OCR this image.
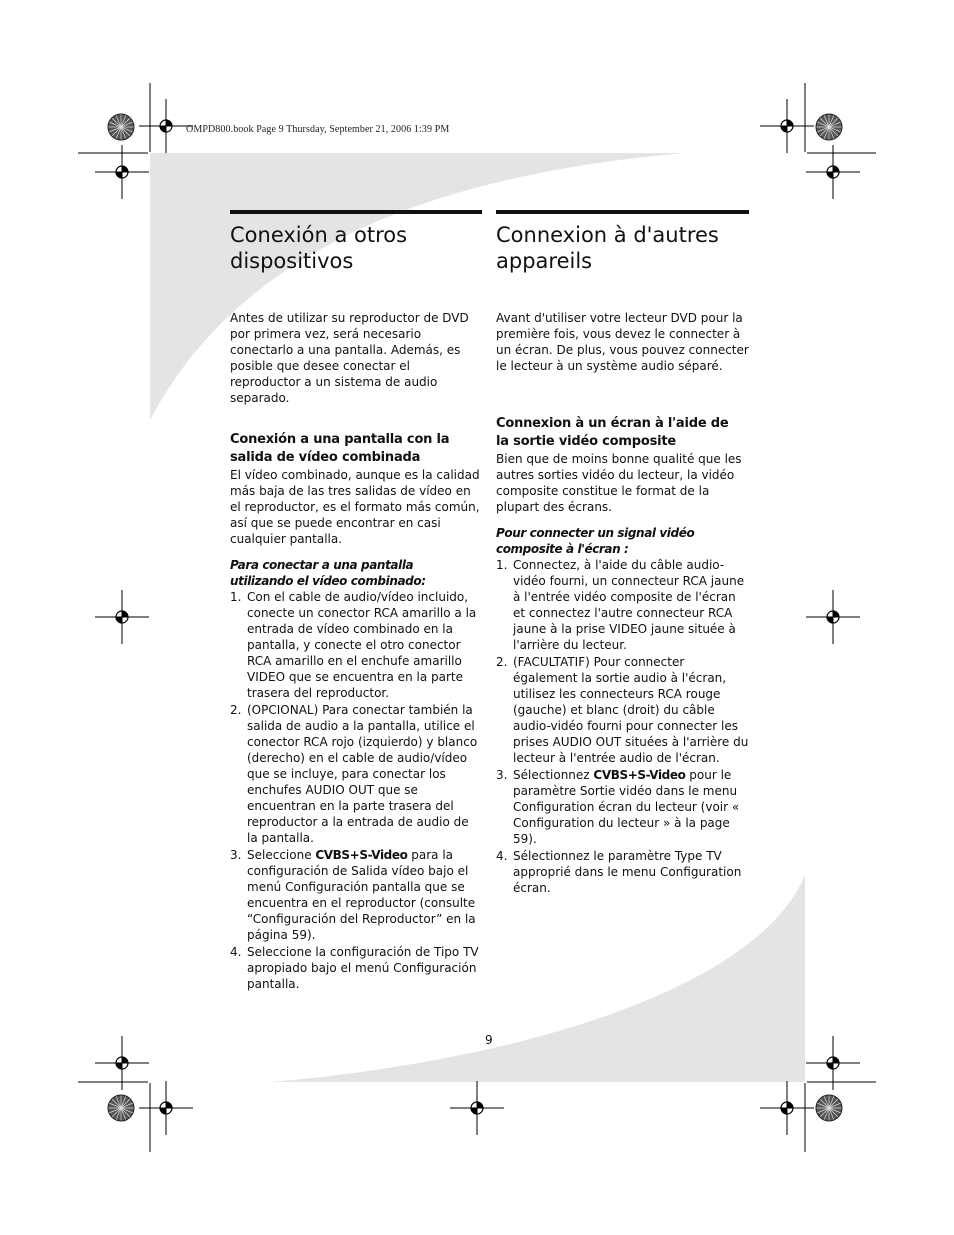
OMPD800.book Page 9 Thursday, September 21, 2006 1:39 PM
Conexión a otros
dispositivos

Antes de utilizar su reproductor de DVD por primera vez, será necesario conectarlo a una pantalla. Además, es posible que desee conectar el reproductor a un sistema de audio separado.

Conexión a una pantalla con la
salida de vídeo combinada

El vídeo combinado, aunque es la calidad más baja de las tres salidas de vídeo en el reproductor, es el formato más común, así que se puede encontrar en casi cualquier pantalla.

Para conectar a una pantalla
utilizando el vídeo combinado:

1. Con el cable de audio/vídeo incluido, conecte un conector RCA amarillo a la entrada de vídeo combinado en la pantalla, y conecte el otro conector RCA amarillo en el enchufe amarillo VIDEO que se encuentra en la parte trasera del reproductor.
2. (OPCIONAL) Para conectar también la salida de audio a la pantalla, utilice el conector RCA rojo (izquierdo) y blanco (derecho) en el cable de audio/vídeo que se incluye, para conectar los enchufes AUDIO OUT que se encuentran en la parte trasera del reproductor a la entrada de audio de la pantalla.
3. Seleccione CVBS+S-Video para la configuración de Salida vídeo bajo el menú Configuración pantalla que se encuentra en el reproductor (consulte “Configuración del Reproductor” en la página 59).
4. Seleccione la configuración de Tipo TV apropiado bajo el menú Configuración pantalla.
Connexion à d'autres
appareils

Avant d'utiliser votre lecteur DVD pour la première fois, vous devez le connecter à un écran. De plus, vous pouvez connecter le lecteur à un système audio séparé.

Connexion à un écran à l'aide de
la sortie vidéo composite

Bien que de moins bonne qualité que les autres sorties vidéo du lecteur, la vidéo composite constitue le format de la plupart des écrans.

Pour connecter un signal vidéo
composite à l'écran :

1. Connectez, à l'aide du câble audio-vidéo fourni, un connecteur RCA jaune à l'entrée vidéo composite de l'écran et connectez l'autre connecteur RCA jaune à la prise VIDEO jaune située à l'arrière du lecteur.
2. (FACULTATIF) Pour connecter également la sortie audio à l'écran, utilisez les connecteurs RCA rouge (gauche) et blanc (droit) du câble audio-vidéo fourni pour connecter les prises AUDIO OUT situées à l'arrière du lecteur à l'entrée audio de l'écran.
3. Sélectionnez CVBS+S-Video pour le paramètre Sortie vidéo dans le menu Configuration écran du lecteur (voir « Configuration du lecteur » à la page 59).
4. Sélectionnez le paramètre Type TV approprié dans le menu Configuration écran.
9
